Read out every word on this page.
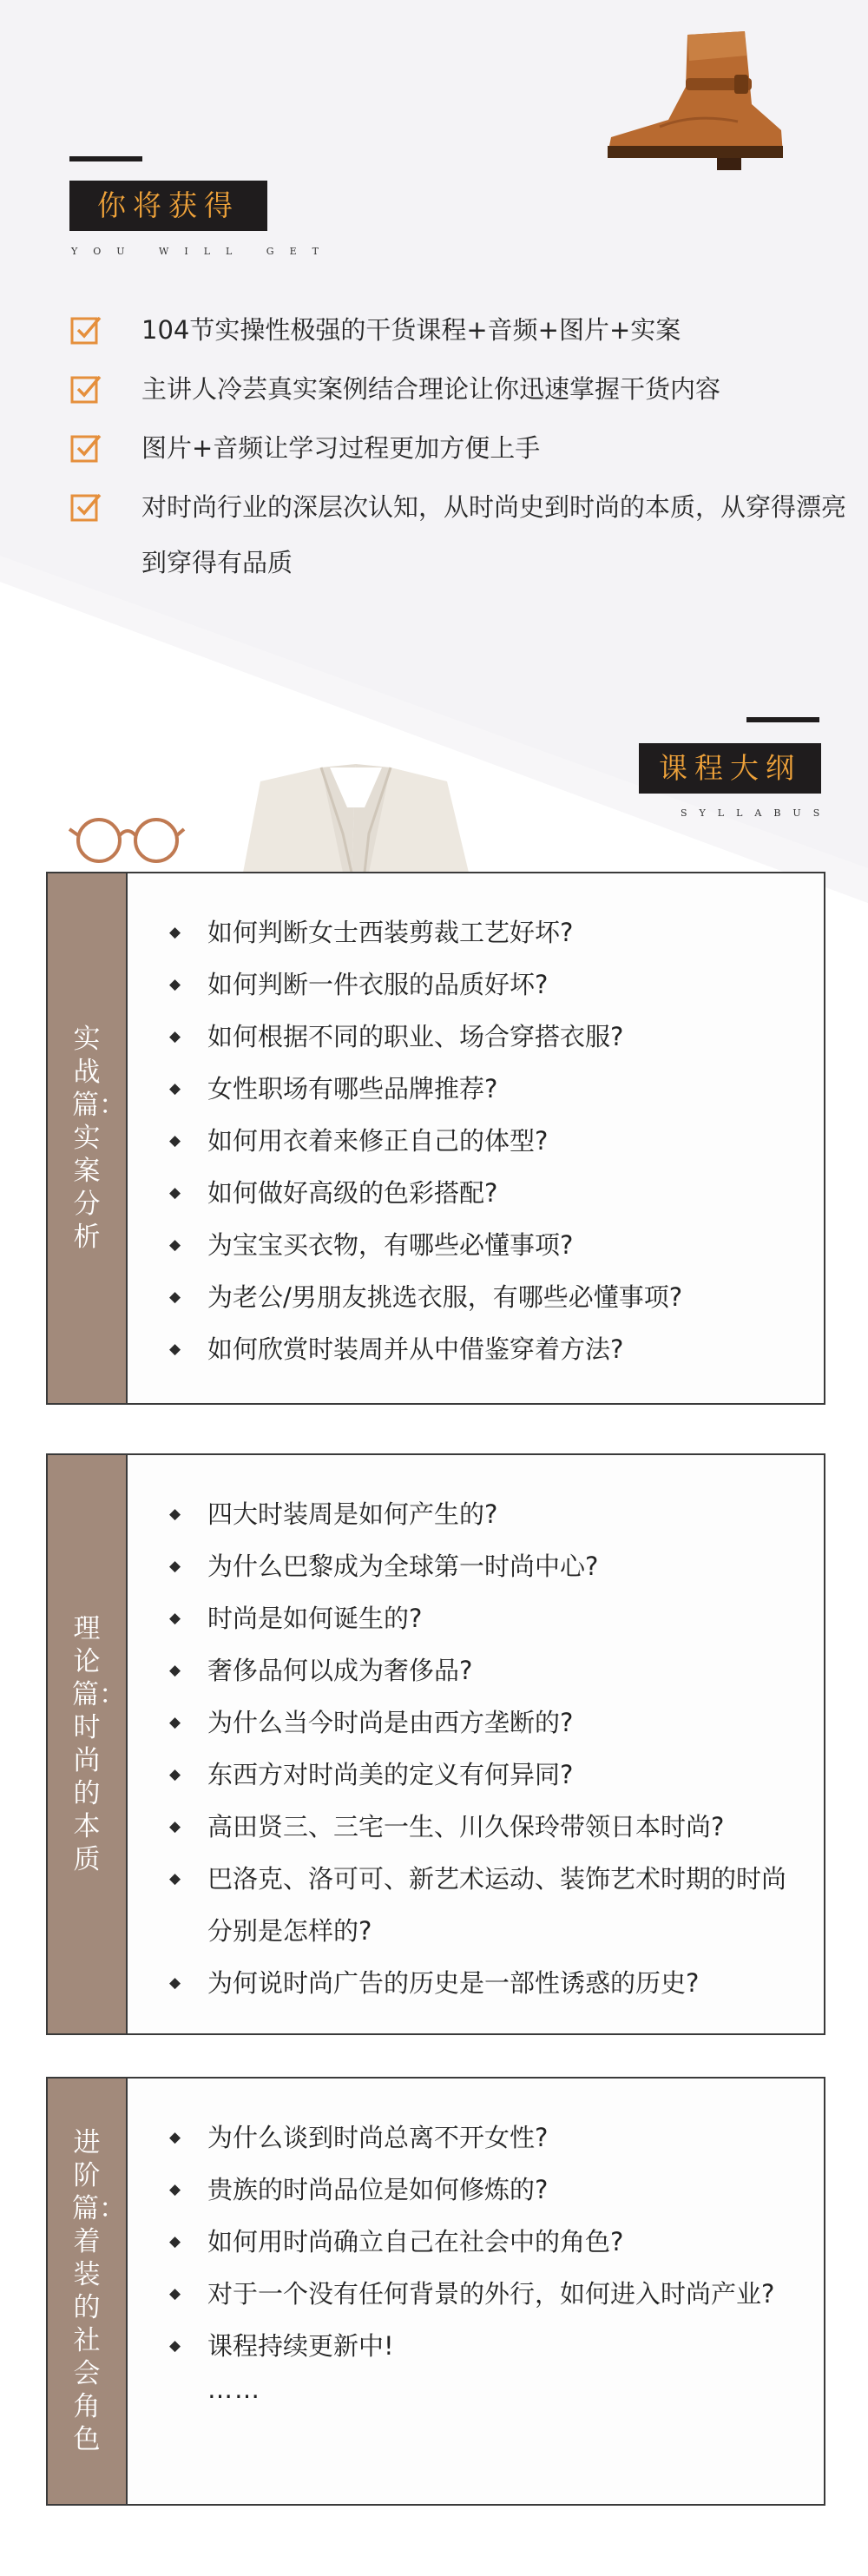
你将获得
YOU WILL GET
104节实操性极强的干货课程+音频+图片+实案
主讲人冷芸真实案例结合理论让你迅速掌握干货内容
图片+音频让学习过程更加方便上手
对时尚行业的深层次认知，从时尚史到时尚的本质，从穿得漂亮到穿得有品质
课程大纲
SYLLABUS
实战篇：实案分析
◆ 如何判断女士西装剪裁工艺好坏?
◆ 如何判断一件衣服的品质好坏?
◆ 如何根据不同的职业、场合穿搭衣服?
◆ 女性职场有哪些品牌推荐?
◆ 如何用衣着来修正自己的体型?
◆ 如何做好高级的色彩搭配?
◆ 为宝宝买衣物，有哪些必懂事项?
◆ 为老公/男朋友挑选衣服，有哪些必懂事项?
◆ 如何欣赏时装周并从中借鉴穿着方法?
理论篇：时尚的本质
◆ 四大时装周是如何产生的?
◆ 为什么巴黎成为全球第一时尚中心?
◆ 时尚是如何诞生的?
◆ 奢侈品何以成为奢侈品?
◆ 为什么当今时尚是由西方垄断的?
◆ 东西方对时尚美的定义有何异同?
◆ 高田贤三、三宅一生、川久保玲带领日本时尚?
◆ 巴洛克、洛可可、新艺术运动、装饰艺术时期的时尚分别是怎样的?
◆ 为何说时尚广告的历史是一部性诱惑的历史?
进阶篇：着装的社会角色
◆ 为什么谈到时尚总离不开女性?
◆ 贵族的时尚品位是如何修炼的?
◆ 如何用时尚确立自己在社会中的角色?
◆ 对于一个没有任何背景的外行，如何进入时尚产业?
◆ 课程持续更新中!
……
